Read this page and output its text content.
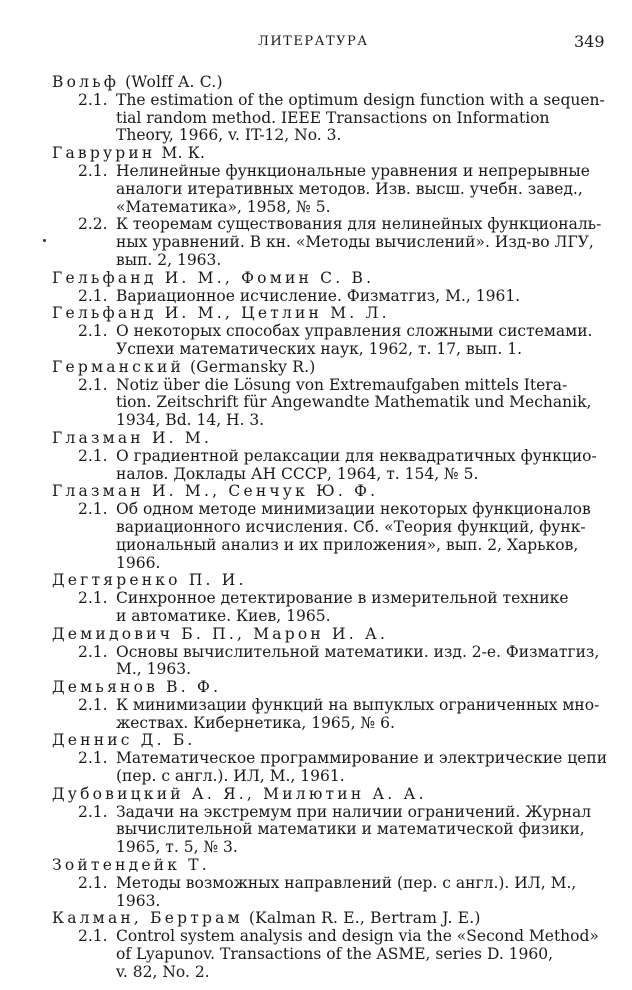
ЛИТЕРАТУРА	349
Вольф (Wolff A. C.)
2.1. The estimation of the optimum design function with a sequen-
tial random method. IEEE Transactions on Information
Theory, 1966, v. IT-12, No. 3.
Гаврурин М. К.
2.1. Нелинейные функциональные уравнения и непрерывные
аналоги итеративных методов. Изв. высш. учебн. завед.,
«Математика», 1958, № 5.
2.2. К теоремам существования для нелинейных функциональ-
ных уравнений. В кн. «Методы вычислений». Изд-во ЛГУ,
вып. 2, 1963.
Гельфанд И. М., Фомин С. В.
2.1. Вариационное исчисление. Физматгиз, М., 1961.
Гельфанд И. М., Цетлин М. Л.
2.1. О некоторых способах управления сложными системами.
Успехи математических наук, 1962, т. 17, вып. 1.
Германский (Germansky R.)
2.1. Notiz über die Lösung von Extremaufgaben mittels Itera-
tion. Zeitschrift für Angewandte Mathematik und Mechanik,
1934, Bd. 14, H. 3.
Глазман И. М.
2.1. О градиентной релаксации для неквадратичных функцио-
налов. Доклады АН СССР, 1964, т. 154, № 5.
Глазман И. М., Сенчук Ю. Ф.
2.1. Об одном методе минимизации некоторых функционалов
вариационного исчисления. Сб. «Теория функций, функ-
циональный анализ и их приложения», вып. 2, Харьков,
1966.
Дегтяренко П. И.
2.1. Синхронное детектирование в измерительной технике
и автоматике. Киев, 1965.
Демидович Б. П., Марон И. А.
2.1. Основы вычислительной математики. изд. 2-е. Физматгиз,
М., 1963.
Демьянов В. Ф.
2.1. К минимизации функций на выпуклых ограниченных мно-
жествах. Кибернетика, 1965, № 6.
Деннис Д. Б.
2.1. Математическое программирование и электрические цепи
(пер. с англ.). ИЛ, М., 1961.
Дубовицкий А. Я., Милютин А. А.
2.1. Задачи на экстремум при наличии ограничений. Журнал
вычислительной математики и математической физики,
1965, т. 5, № 3.
Зойтендейк Т.
2.1. Методы возможных направлений (пер. с англ.). ИЛ, М.,
1963.
Калман, Бертрам (Kalman R. E., Bertram J. E.)
2.1. Control system analysis and design via the «Second Method»
of Lyapunov. Transactions of the ASME, series D. 1960,
v. 82, No. 2.
